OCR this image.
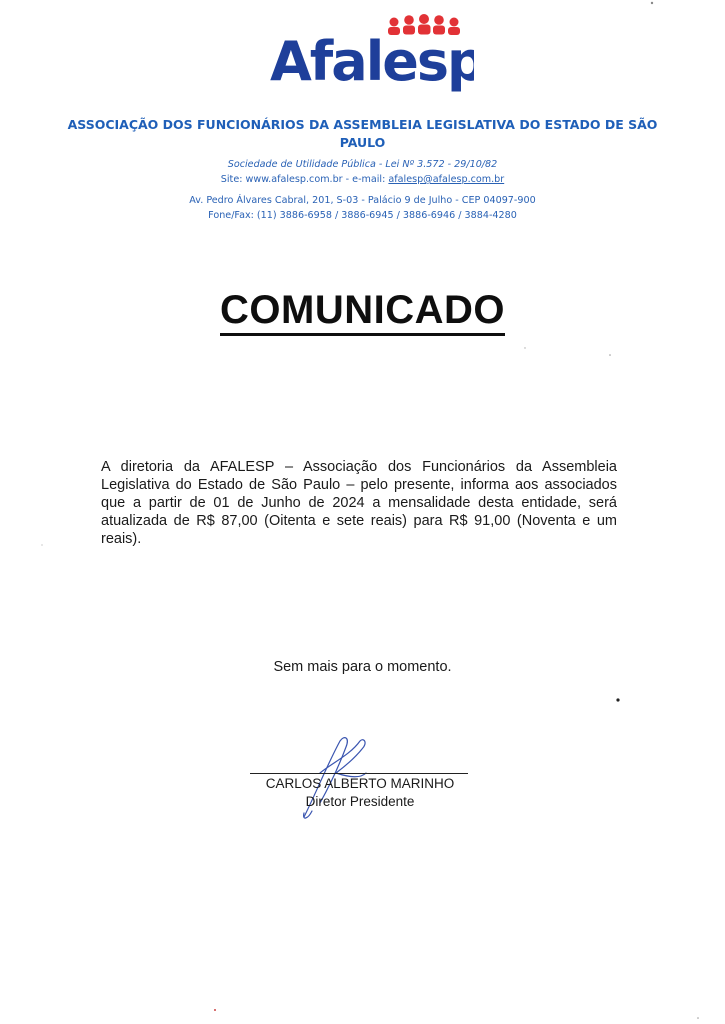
Afalesp
ASSOCIAÇÃO DOS FUNCIONÁRIOS DA ASSEMBLEIA LEGISLATIVA DO ESTADO DE SÃO PAULO
Sociedade de Utilidade Pública - Lei Nº 3.572 - 29/10/82
Site: www.afalesp.com.br - e-mail: afalesp@afalesp.com.br
Av. Pedro Álvares Cabral, 201, S-03 - Palácio 9 de Julho - CEP 04097-900
Fone/Fax: (11) 3886-6958 / 3886-6945 / 3886-6946 / 3884-4280
COMUNICADO
A diretoria da AFALESP – Associação dos Funcionários da Assembleia Legislativa do Estado de São Paulo – pelo presente, informa aos associados que a partir de 01 de Junho de 2024 a mensalidade desta entidade, será atualizada de R$ 87,00 (Oitenta e sete reais) para R$ 91,00 (Noventa e um reais).
Sem mais para o momento.
CARLOS ALBERTO MARINHO
Diretor Presidente
